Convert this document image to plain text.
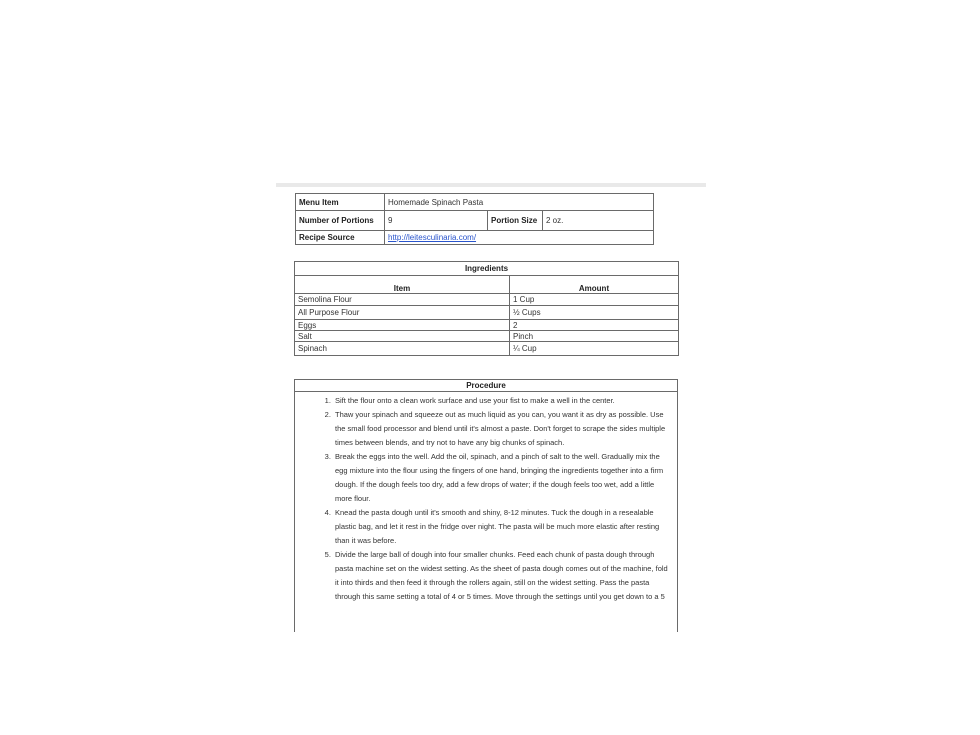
Menu Item	Homemade Spinach Pasta		
Number of Portions	9	Portion Size	2 oz.
Recipe Source	http://leitesculinaria.com/		
Ingredients	
Item	Amount
Semolina Flour	1 Cup
All Purpose Flour	½ Cups
Eggs	2
Salt	Pinch
Spinach	¼ Cup
Procedure

1. Sift the flour onto a clean work surface and use your fist to make a well in the center.
2. Thaw your spinach and squeeze out as much liquid as you can, you want it as dry as possible. Use the small food processor and blend until it's almost a paste. Don't forget to scrape the sides multiple times between blends, and try not to have any big chunks of spinach.
3. Break the eggs into the well. Add the oil, spinach, and a pinch of salt to the well. Gradually mix the egg mixture into the flour using the fingers of one hand, bringing the ingredients together into a firm dough. If the dough feels too dry, add a few drops of water; if the dough feels too wet, add a little more flour.
4. Knead the pasta dough until it's smooth and shiny, 8-12 minutes. Tuck the dough in a resealable plastic bag, and let it rest in the fridge over night. The pasta will be much more elastic after resting than it was before.
5. Divide the large ball of dough into four smaller chunks. Feed each chunk of pasta dough through pasta machine set on the widest setting. As the sheet of pasta dough comes out of the machine, fold it into thirds and then feed it through the rollers again, still on the widest setting. Pass the pasta through this same setting a total of 4 or 5 times. Move through the settings until you get down to a 5
